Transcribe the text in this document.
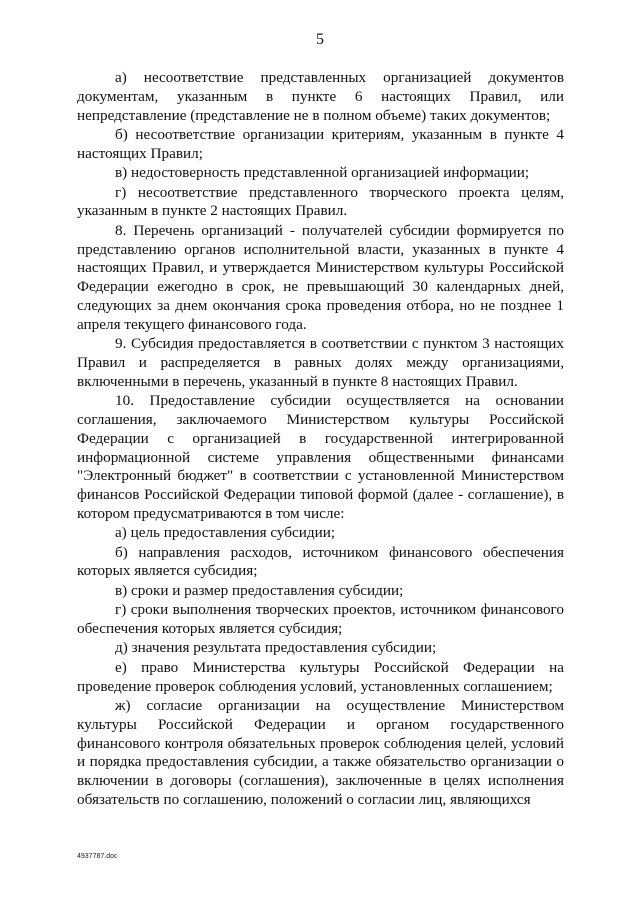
5

а) несоответствие представленных организацией документов документам, указанным в пункте 6 настоящих Правил, или непредставление (представление не в полном объеме) таких документов;

б) несоответствие организации критериям, указанным в пункте 4 настоящих Правил;

в) недостоверность представленной организацией информации;

г) несоответствие представленного творческого проекта целям, указанным в пункте 2 настоящих Правил.

8. Перечень организаций - получателей субсидии формируется по представлению органов исполнительной власти, указанных в пункте 4 настоящих Правил, и утверждается Министерством культуры Российской Федерации ежегодно в срок, не превышающий 30 календарных дней, следующих за днем окончания срока проведения отбора, но не позднее 1 апреля текущего финансового года.

9. Субсидия предоставляется в соответствии с пунктом 3 настоящих Правил и распределяется в равных долях между организациями, включенными в перечень, указанный в пункте 8 настоящих Правил.

10. Предоставление субсидии осуществляется на основании соглашения, заключаемого Министерством культуры Российской Федерации с организацией в государственной интегрированной информационной системе управления общественными финансами "Электронный бюджет" в соответствии с установленной Министерством финансов Российской Федерации типовой формой (далее - соглашение), в котором предусматриваются в том числе:

а) цель предоставления субсидии;

б) направления расходов, источником финансового обеспечения которых является субсидия;

в) сроки и размер предоставления субсидии;

г) сроки выполнения творческих проектов, источником финансового обеспечения которых является субсидия;

д) значения результата предоставления субсидии;

е) право Министерства культуры Российской Федерации на проведение проверок соблюдения условий, установленных соглашением;

ж) согласие организации на осуществление Министерством культуры Российской Федерации и органом государственного финансового контроля обязательных проверок соблюдения целей, условий и порядка предоставления субсидии, а также обязательство организации о включении в договоры (соглашения), заключенные в целях исполнения обязательств по соглашению, положений о согласии лиц, являющихся

4937787.doc
